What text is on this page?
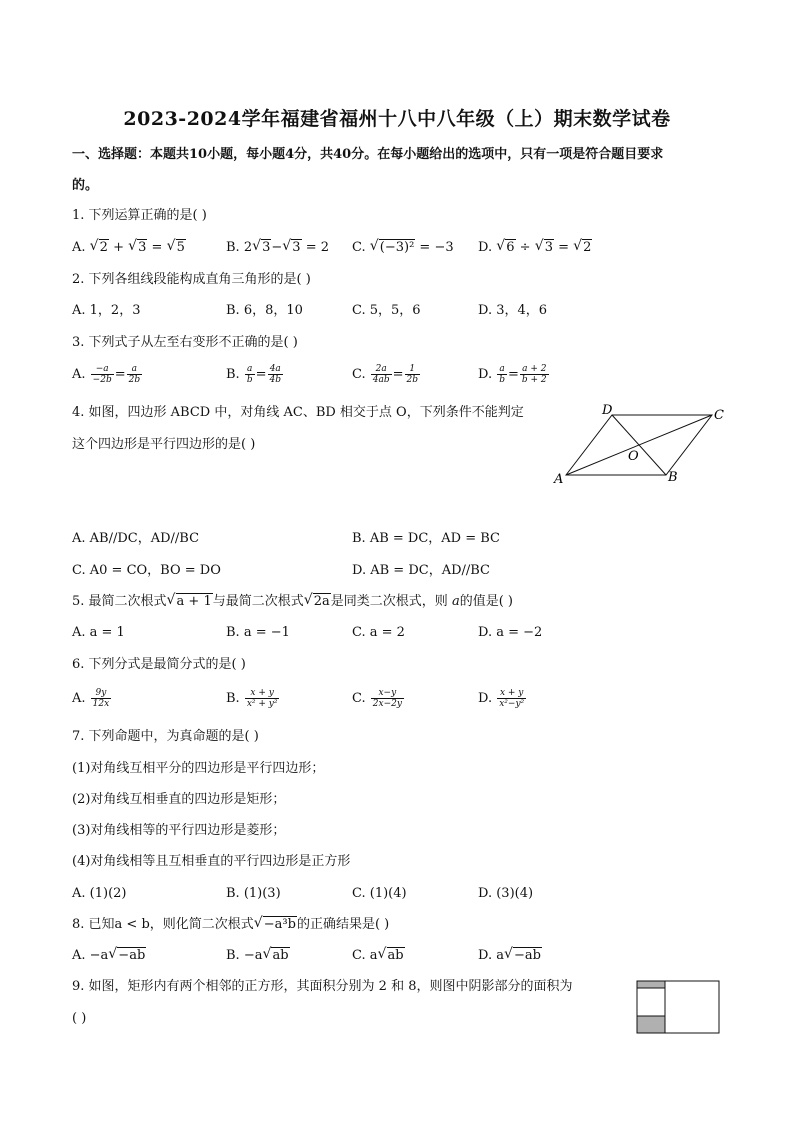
2023-2024学年福建省福州十八中八年级（上）期末数学试卷
一、选择题：本题共10小题，每小题4分，共40分。在每小题给出的选项中，只有一项是符合题目要求
的。
1. 下列运算正确的是( )
A. √ 2 + √ 3 = √ 5	B. 2 √ 3− √ 3 = 2 C. √ (−3)² = −3 D. √ 6 ÷ √ 3 = √ 2
2. 下列各组线段能构成直角三角形的是( )
A. 1，2，3	B. 6，8，10	C. 5，5，6	D. 3，4，6
3. 下列式子从左至右变形不正确的是( )
A. $\frac{-a}{-2b} = \frac{a}{2b}$	B. $\frac{a}{b} = \frac{4a}{4b}$	C. $\frac{2a}{4ab} = \frac{1}{2b}$	D. $\frac{a}{b} = \frac{a + 2}{b + 2}$
4. 如图，四边形 ABCD 中，对角线 AC、BD 相交于点 O，下列条件不能判定
这个四边形是平行四边形的是( )
A	B
C
D
O
A. AB//DC，AD//BC	B. AB = DC，AD = BC
C. A0 = CO，BO = DO	D. AB = DC，AD//BC
5. 最简二次根式 √ a + 1与最简二次根式 √ 2a是同类二次根式，则 a的值是( )
A. a = 1	B. a = −1	C. a = 2	D. a = −2
6. 下列分式是最简分式的是( )
A. $\frac{9y}{12x}$	B. $\frac{x + y}{\text{x² + y²}}$	C. $\frac{x-y}{2x-2y}$	D. $\frac{x + y}{\text{x²−y²}}$
7. 下列命题中，为真命题的是( )
(1)对角线互相平分的四边形是平行四边形；
(2)对角线互相垂直的四边形是矩形；
(3)对角线相等的平行四边形是菱形；
(4)对角线相等且互相垂直的平行四边形是正方形
A. (1)(2)	B. (1)(3)	C. (1)(4)	D. (3)(4)
8. 已知a < b，则化简二次根式 √ −a³b的正确结果是( )
A. −a √ −ab	B. −a √ ab	C. a √ ab	D. a √ −ab
9. 如图，矩形内有两个相邻的正方形，其面积分别为 2 和 8，则图中阴影部分的面积为
( )
